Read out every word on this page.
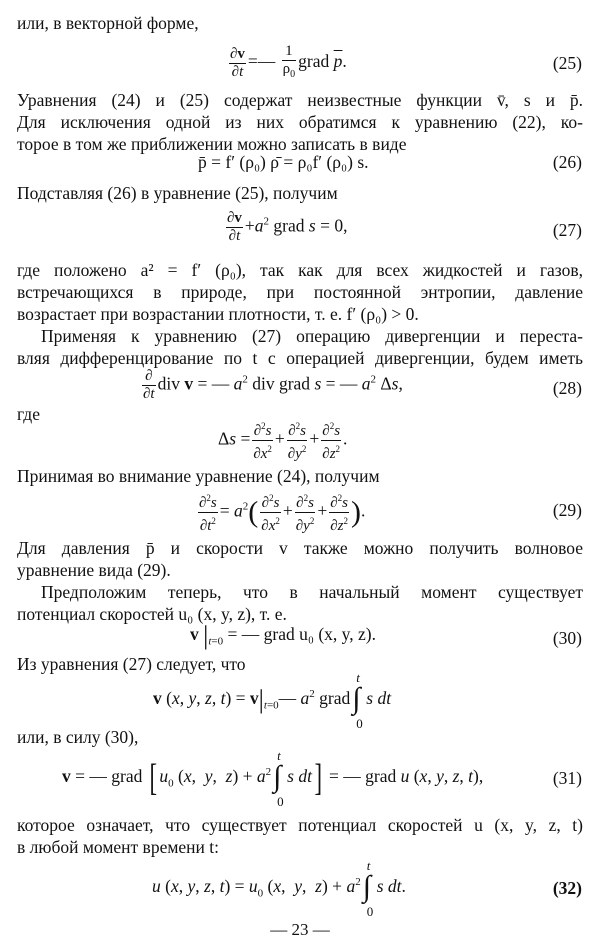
или, в векторной форме,
$\frac{\partial v}{\partial t}$ =— $\frac{1}{\rho_0}$ grad $\overline{p}$.	(25)
Уравнения (24) и (25) содержат неизвестные функции v̄, s и p̄.
Для исключения одной из них обратимся к уравнению (22), ко-
торое в том же приближении можно записать в виде
p̄ = f′ (ρ₀) ρ̄ = ρ₀f′ (ρ₀) s.	(26)
Подставляя (26) в уравнение (25), получим
$\frac{\partial v}{\partial t} +a^2$ grad s = 0,	(27)
где положено a² = f′ (ρ₀), так как для всех жидкостей и газов,
встречающихся в природе, при постоянной энтропии, давление
возрастает при возрастании плотности, т. е. f′ (ρ₀) > 0.
Применяя к уравнению (27) операцию дивергенции и переста-
вляя дифференцирование по t с операцией дивергенции, будем иметь
$\frac{\partial}{\partial t}$ div v = — $a^2$ div grad s = — $a^2$ Δs,	(28)
где
$\Delta s = \frac{\partial^2s}{\partial x^2} + \frac{\partial^2s}{\partial y^2} + \frac{\partial^2s}{\partial z^2}$ .
Принимая во внимание уравнение (24), получим
$\frac{\partial^2s}{\partial t^2} = a^2( \frac{\partial^2s}{\partial x^2} + \frac{\partial^2s}{\partial y^2} + \frac{\partial^2s}{\partial z^2}$ ).	(29)
Для давления p̄ и скорости v также можно получить волновое
уравнение вида (29).
Предположим теперь, что в начальный момент существует
потенциал скоростей u₀ (x, y, z), т. е.
v $|_{t=0}$ = — grad u₀ (x, y, z).	(30)
Из уравнения (27) следует, что
v (x, y, z, $t) = v|_{t=0}—$ $a^2$ grad
t
∫
0
s dt
или, в силу (30),
v = — grad [ $u_0$ (x,  y,  $z) + a^2$
t
∫
0
s dt] = — grad u (x, y, z, t),	(31)
которое означает, что существует потенциал скоростей u (x, y, z, t)
в любой момент времени t:
u (x, y, z, $t) = u_0$ (x,  y,  $z) + a^2$
t
∫
0
s dt.	(32)
— 23 —
